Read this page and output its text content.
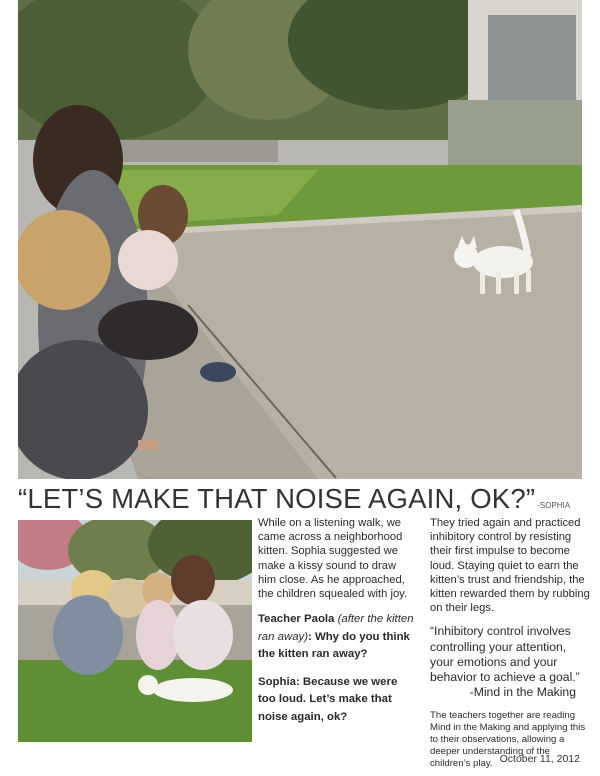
“LET’S MAKE THAT NOISE AGAIN, OK?” -SOPHIA

While on a listening walk, we came across a neighborhood kitten. Sophia suggested we make a kissy sound to draw him close. As he approached, the children squealed with joy.

Teacher Paola (after the kitten ran away): Why do you think the kitten ran away?

Sophia: Because we were too loud. Let’s make that noise again, ok?

They tried again and practiced inhibitory control by resisting their first impulse to become loud. Staying quiet to earn the kitten’s trust and friendship, the kitten rewarded them by rubbing on their legs.

“Inhibitory control involves controlling your attention, your emotions and your behavior to achieve a goal.”

-Mind in the Making

The teachers together are reading Mind in the Making and applying this to their observations, allowing a deeper understanding of the children’s play. October 11, 2012
